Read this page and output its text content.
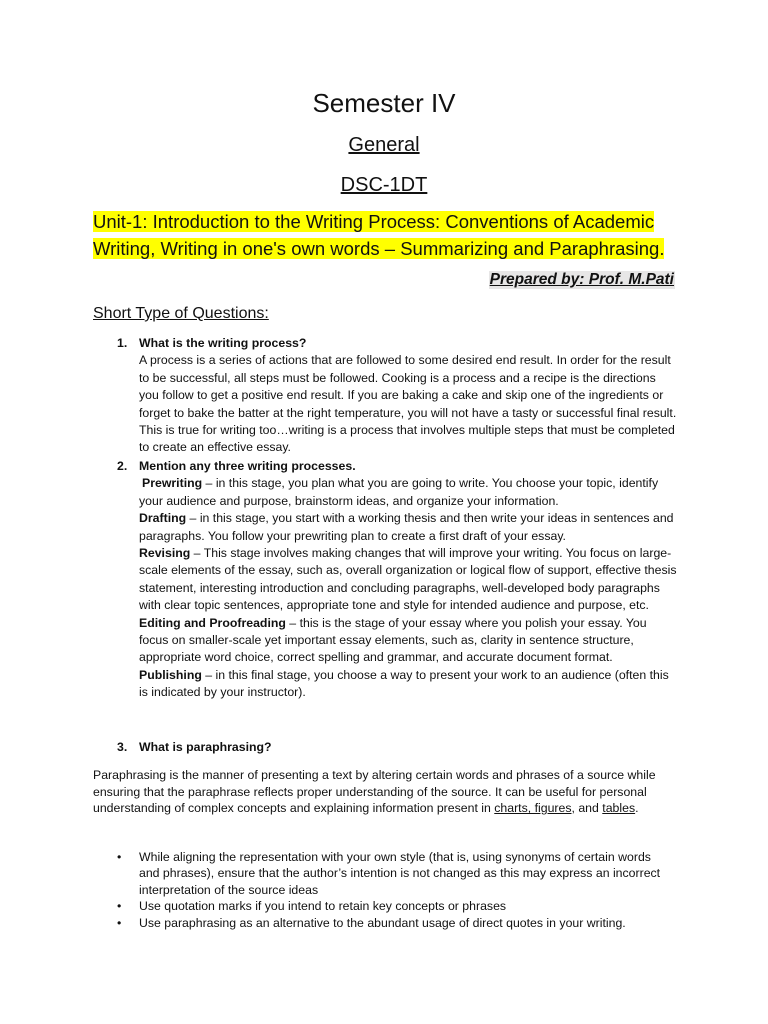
Semester IV
General
DSC-1DT
Unit-1: Introduction to the Writing Process: Conventions of Academic Writing, Writing in one's own words – Summarizing and Paraphrasing.
Prepared by: Prof. M.Pati
Short Type of Questions:
1. What is the writing process?
A process is a series of actions that are followed to some desired end result. In order for the result to be successful, all steps must be followed. Cooking is a process and a recipe is the directions you follow to get a positive end result. If you are baking a cake and skip one of the ingredients or forget to bake the batter at the right temperature, you will not have a tasty or successful final result. This is true for writing too…writing is a process that involves multiple steps that must be completed to create an effective essay.
2. Mention any three writing processes.
Prewriting – in this stage, you plan what you are going to write. You choose your topic, identify your audience and purpose, brainstorm ideas, and organize your information.
Drafting – in this stage, you start with a working thesis and then write your ideas in sentences and paragraphs. You follow your prewriting plan to create a first draft of your essay.
Revising – This stage involves making changes that will improve your writing. You focus on large-scale elements of the essay, such as, overall organization or logical flow of support, effective thesis statement, interesting introduction and concluding paragraphs, well-developed body paragraphs with clear topic sentences, appropriate tone and style for intended audience and purpose, etc.
Editing and Proofreading – this is the stage of your essay where you polish your essay. You focus on smaller-scale yet important essay elements, such as, clarity in sentence structure, appropriate word choice, correct spelling and grammar, and accurate document format.
Publishing – in this final stage, you choose a way to present your work to an audience (often this is indicated by your instructor).
3. What is paraphrasing?
Paraphrasing is the manner of presenting a text by altering certain words and phrases of a source while ensuring that the paraphrase reflects proper understanding of the source. It can be useful for personal understanding of complex concepts and explaining information present in charts, figures, and tables.
• While aligning the representation with your own style (that is, using synonyms of certain words and phrases), ensure that the author’s intention is not changed as this may express an incorrect interpretation of the source ideas
• Use quotation marks if you intend to retain key concepts or phrases
• Use paraphrasing as an alternative to the abundant usage of direct quotes in your writing.
